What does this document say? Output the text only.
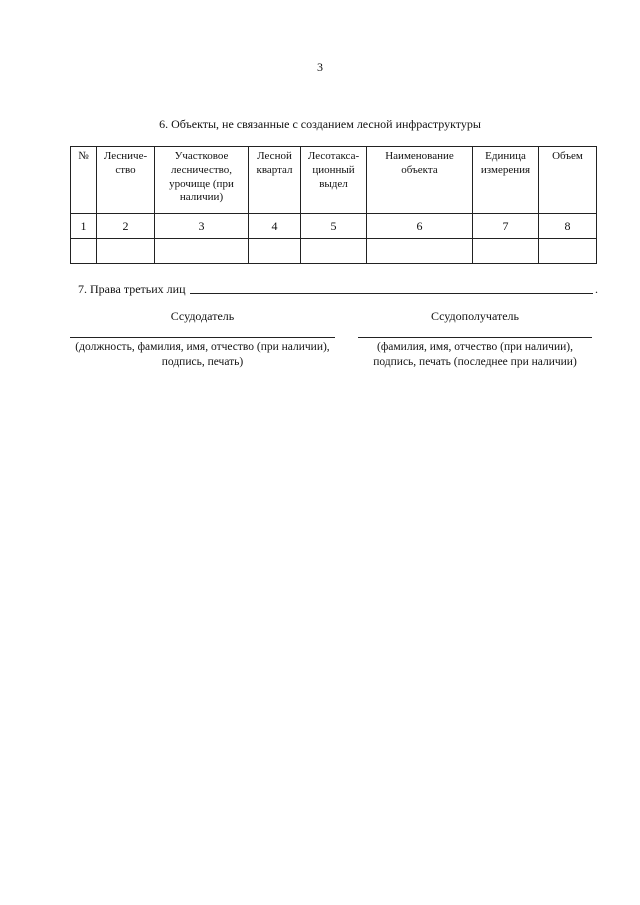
3
6. Объекты, не связанные с созданием лесной инфраструктуры
№	Лесниче-ство	Участковое лесничество, урочище (при наличии)	Лесной квартал	Лесотакса-ционный выдел	Наименование объекта	Единица измерения	Объем
1	2	3	4	5	6	7	8

7. Права третьих лиц	.
Ссудодатель
(должность, фамилия, имя, отчество (при наличии), подпись, печать)
Ссудополучатель
(фамилия, имя, отчество (при наличии), подпись, печать (последнее при наличии)
